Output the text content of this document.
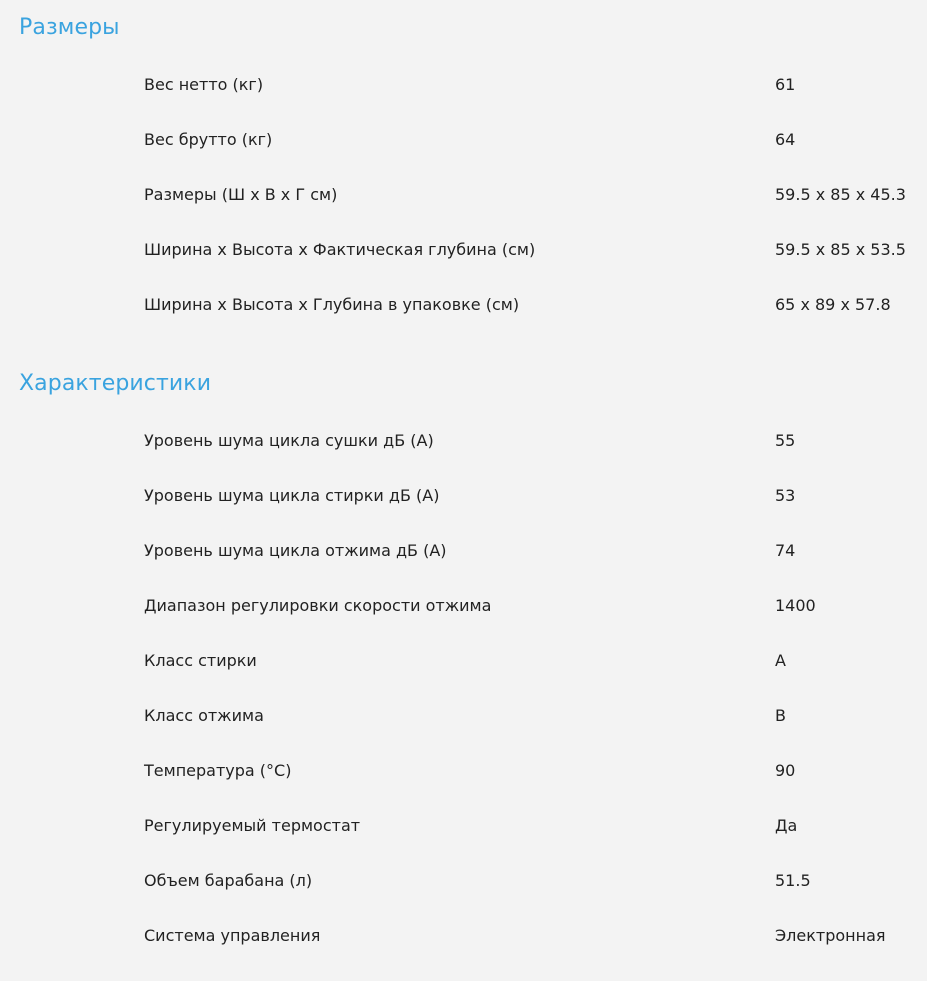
Размеры
Вес нетто (кг)	61
Вес брутто (кг)	64
Размеры (Ш x В x Г см)	59.5 x 85 x 45.3
Ширина x Высота x Фактическая глубина (см)	59.5 x 85 x 53.5
Ширина x Высота x Глубина в упаковке (см)	65 x 89 x 57.8
Характеристики
Уровень шума цикла сушки дБ (А)	55
Уровень шума цикла стирки дБ (А)	53
Уровень шума цикла отжима дБ (А)	74
Диапазон регулировки скорости отжима	1400
Класс стирки	A
Класс отжима	B
Температура (°C)	90
Регулируемый термостат	Да
Объем барабана (л)	51.5
Система управления	Электронная
